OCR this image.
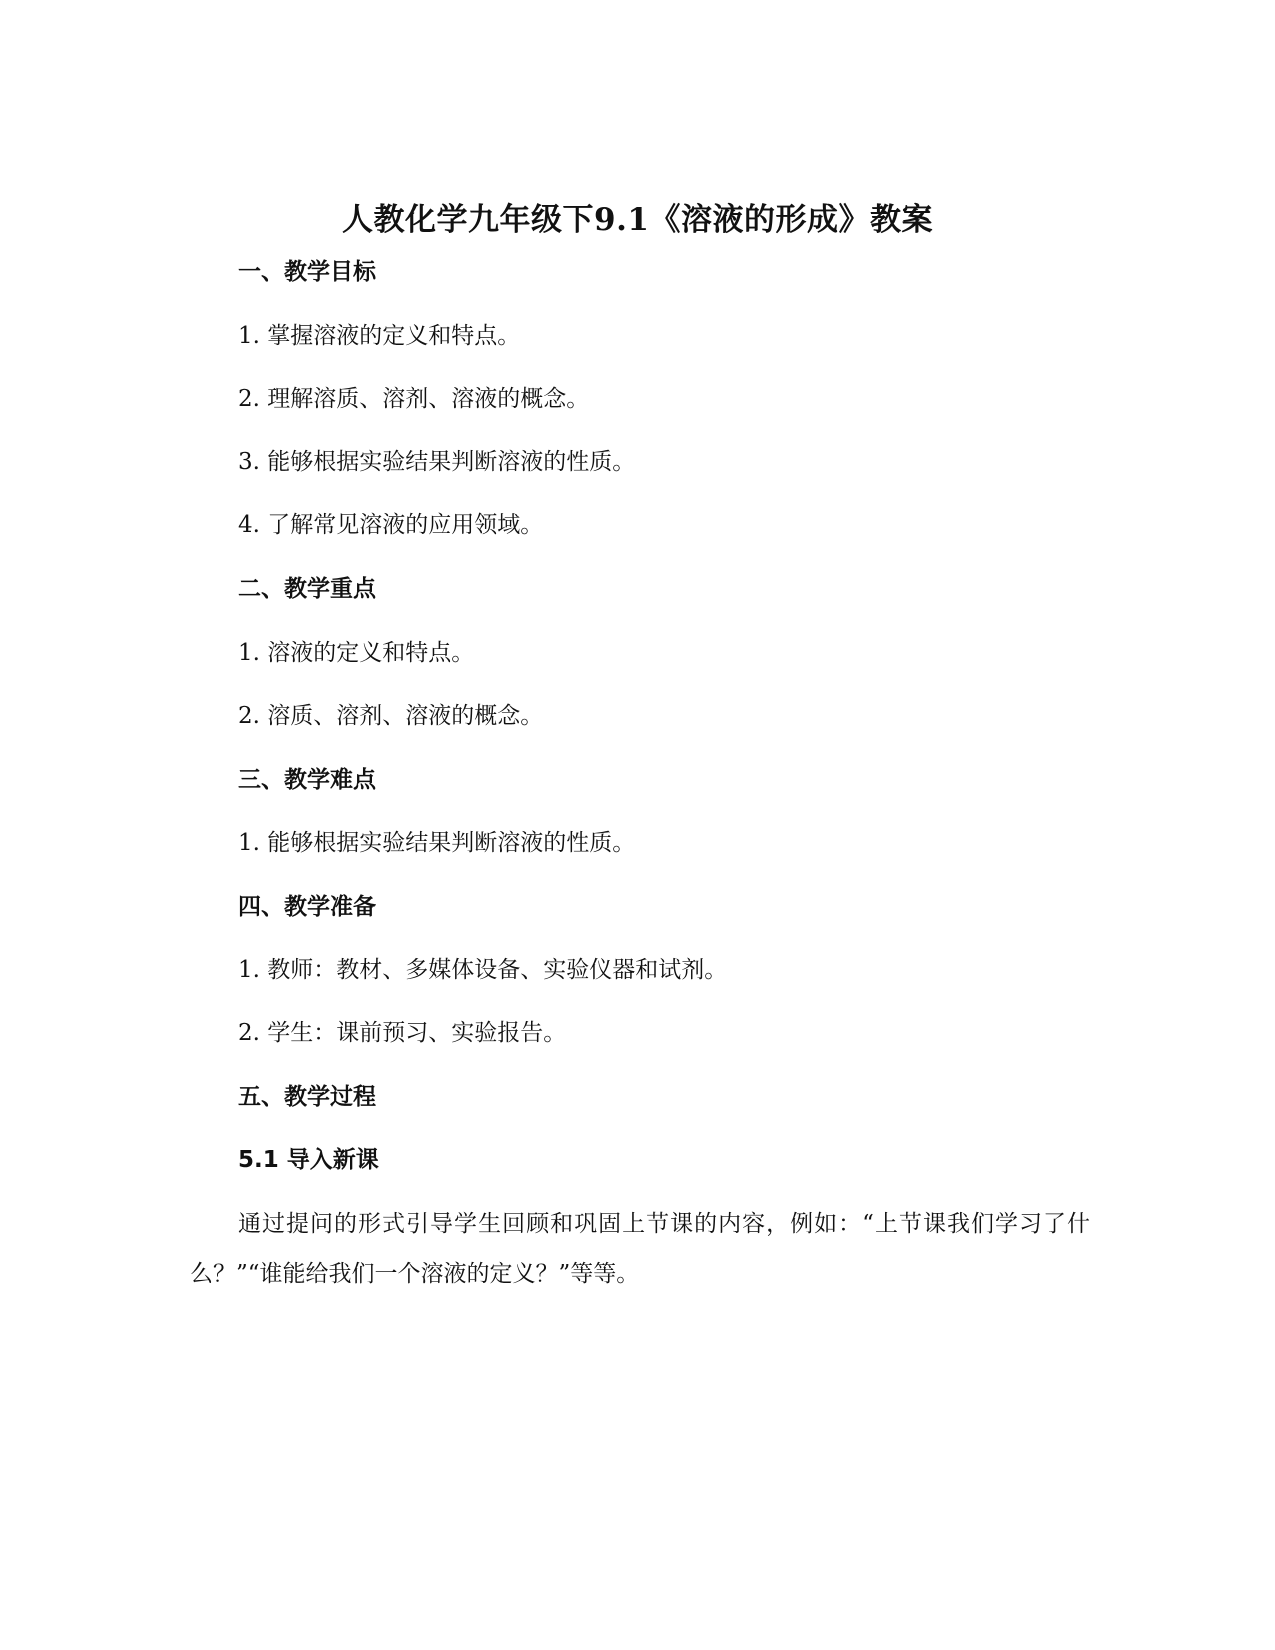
人教化学九年级下9.1《溶液的形成》教案
一、教学目标
1. 掌握溶液的定义和特点。
2. 理解溶质、溶剂、溶液的概念。
3. 能够根据实验结果判断溶液的性质。
4. 了解常见溶液的应用领域。
二、教学重点
1. 溶液的定义和特点。
2. 溶质、溶剂、溶液的概念。
三、教学难点
1. 能够根据实验结果判断溶液的性质。
四、教学准备
1. 教师：教材、多媒体设备、实验仪器和试剂。
2. 学生：课前预习、实验报告。
五、教学过程
5.1 导入新课
通过提问的形式引导学生回顾和巩固上节课的内容，例如：“上节课我们学习了什么？”“谁能给我们一个溶液的定义？”等等。
